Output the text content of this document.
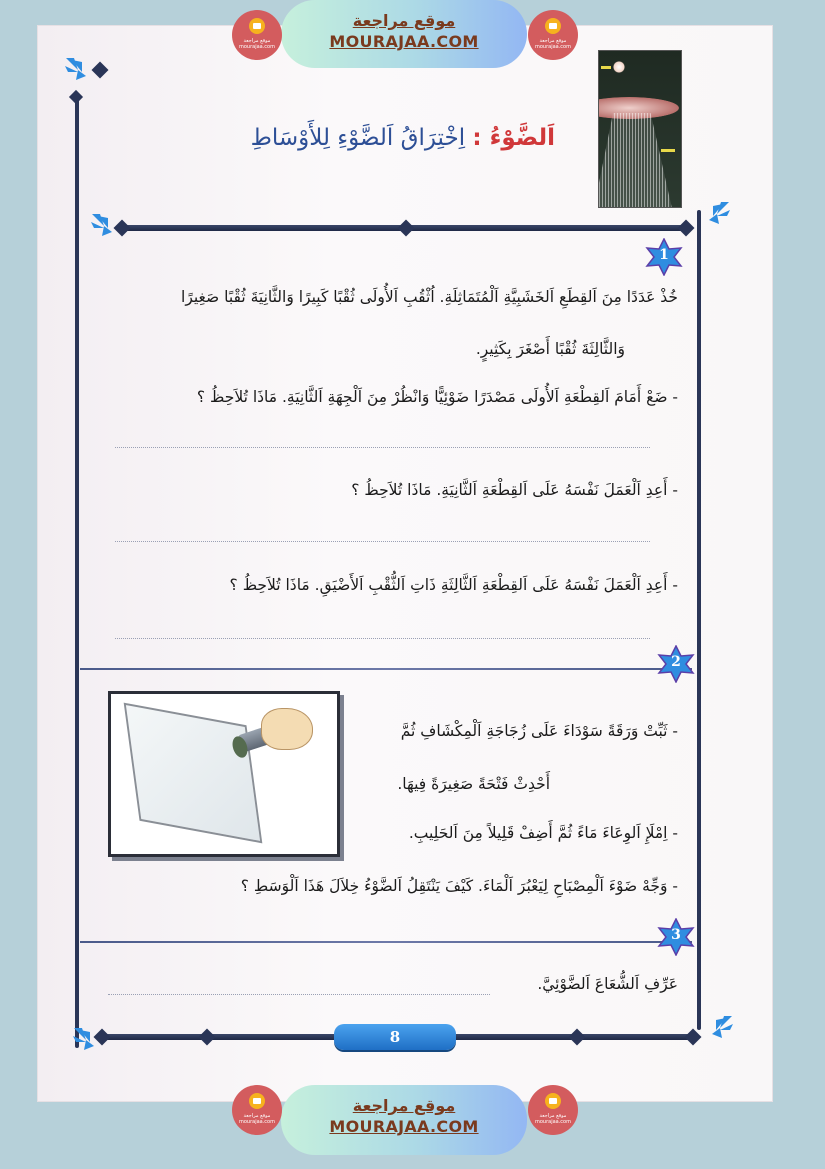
موقع مراجعة
mourajaa.com
موقع مراجعة
MOURAJAA.COM	موقع مراجعة
mourajaa.com
اَلضَّوْءُ : اِخْتِرَاقُ اَلضَّوْءِ لِلأَوْسَاطِ
1
خُذْ عَدَدًا مِنَ اَلقِطَعِ اَلخَشَبِيَّةِ اَلْمُتَمَاثِلَةِ. اُثْقُبِ اَلأُولَى ثُقْبًا كَبِيرًا وَالثَّانِيَةَ ثُقْبًا صَغِيرًا
وَالثَّالِثَةَ ثُقْبًا أَصْغَرَ بِكَثِيرٍ.
- ضَعْ أَمَامَ اَلقِطْعَةِ اَلأُولَى مَصْدَرًا ضَوْئِيًّا وَانْظُرْ مِنَ اَلْجِهَةِ اَلثَّانِيَةِ. مَاذَا تُلاَحِظُ ؟
- أَعِدِ اَلْعَمَلَ نَفْسَهُ عَلَى اَلقِطْعَةِ اَلثَّانِيَةِ. مَاذَا تُلاَحِظُ ؟
- أَعِدِ اَلْعَمَلَ نَفْسَهُ عَلَى اَلقِطْعَةِ اَلثَّالِثَةِ ذَاتِ اَلثُّقْبِ اَلأَضْيَقِ. مَاذَا تُلاَحِظُ ؟
2
- ثَبِّتْ وَرَقَةً سَوْدَاءَ عَلَى زُجَاجَةِ اَلْمِكْشَافِ ثُمَّ
أَحْدِثْ فَتْحَةً صَغِيرَةً فِيهَا.
- اِمْلَإِ اَلوِعَاءَ مَاءً ثُمَّ أَضِفْ قَلِيلاً مِنَ اَلحَلِيبِ.
- وَجِّهْ ضَوْءَ اَلْمِصْبَاحِ لِيَعْبُرَ اَلْمَاءَ. كَيْفَ يَنْتَقِلُ اَلضَّوْءُ خِلاَلَ هَذَا اَلْوَسَطِ ؟
3
عَرِّفِ اَلشُّعَاعَ اَلضَّوْئِيَّ.
8
موقع مراجعة
mourajaa.com
موقع مراجعة
MOURAJAA.COM
موقع مراجعة
mourajaa.com
